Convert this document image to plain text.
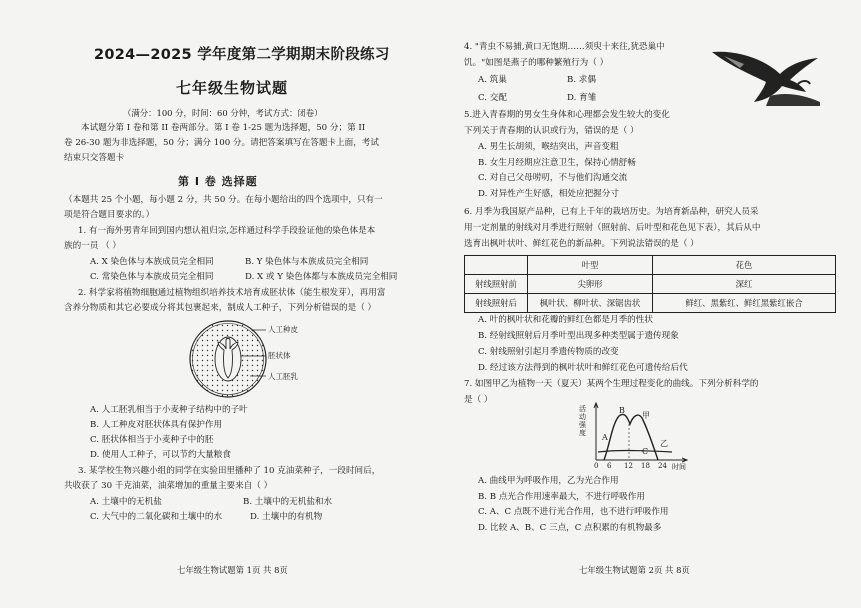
2024—2025 学年度第二学期期末阶段练习
七年级生物试题
（满分：100 分，时间：60 分钟，考试方式：闭卷）
本试题分第 I 卷和第 II 卷两部分。第 I 卷 1-25 题为选择题，50 分；第 II
卷 26-30 题为非选择题，50 分；满分 100 分。请把答案填写在答题卡上面，考试
结束只交答题卡
第 I 卷 选择题
（本题共 25 个小题，每小题 2 分，共 50 分。在每小题给出的四个选项中，只有一
项是符合题目要求的。）
1. 有一海外男青年回到国内想认祖归宗,怎样通过科学手段验证他的染色体是本
族的一员 （ ）
A. X 染色体与本族成员完全相同	B. Y 染色体与本族成员完全相同
C. 常染色体与本族成员完全相同	D. X 或 Y 染色体都与本族成员完全相同
2. 科学家将植物细胞通过植物组织培养技术培育成胚状体（能生根发芽），再用富
含养分物质和其它必要成分将其包裹起来，制成人工种子，下列分析错误的是（ ）
人工种皮
胚状体
人工胚乳
A. 人工胚乳相当于小麦种子结构中的子叶
B. 人工种皮对胚状体具有保护作用
C. 胚状体相当于小麦种子中的胚
D. 使用人工种子，可以节约大量粮食
3. 某学校生物兴趣小组的同学在实验田里播种了 10 克油菜种子，一段时间后，
共收获了 30 千克油菜，油菜增加的重量主要来自（ ）
A. 土壤中的无机盐	B. 土壤中的无机盐和水
C. 大气中的二氧化碳和土壤中的水	D. 土壤中的有机物
七年级生物试题第 1页 共 8页
4. "青虫不易捕,黄口无饱期……须臾十来往,犹恐巢中
饥。"如图是燕子的哪种繁殖行为（ ）
A. 筑巢	B. 求偶
C. 交配	D. 育雏
5.进入青春期的男女生身体和心理都会发生较大的变化
下列关于青春期的认识或行为，错误的是（ ）
A. 男生长胡须，喉结突出，声音变粗
B. 女生月经期应注意卫生，保持心情舒畅
C. 对自己父母唠叨，不与他们沟通交流
D. 对异性产生好感，相处应把握分寸
6. 月季为我国原产品种，已有上千年的栽培历史。为培育新品种，研究人员采
用一定剂量的射线对月季进行照射（照射前、后叶型和花色见下表），其后从中
选育出枫叶状叶、鲜红花色的新品种。下列说法错误的是（ ）
	叶型	花色
射线照射前	尖卵形	深红
射线照射后	枫叶状、柳叶状、深锯齿状	鲜红、黑紫红、鲜红黑紫红嵌合
A. 叶的枫叶状和花瓣的鲜红色都是月季的性状
B. 经射线照射后月季叶型出现多种类型属于遗传现象
C. 射线照射引起月季遗传物质的改变
D. 经过该方法得到的枫叶状叶和鲜红花色可遗传给后代
7. 如图甲乙为植物一天（夏天）某两个生理过程变化的曲线。下列分析科学的
是（ ）
活动强度
B
甲
A
乙
C
0 6 12 18 24 时间
A. 曲线甲为呼吸作用，乙为光合作用
B. B 点光合作用速率最大，不进行呼吸作用
C. A、C 点既不进行光合作用，也不进行呼吸作用
D. 比较 A、B、C 三点，C 点积累的有机物最多
七年级生物试题第 2页 共 8页
